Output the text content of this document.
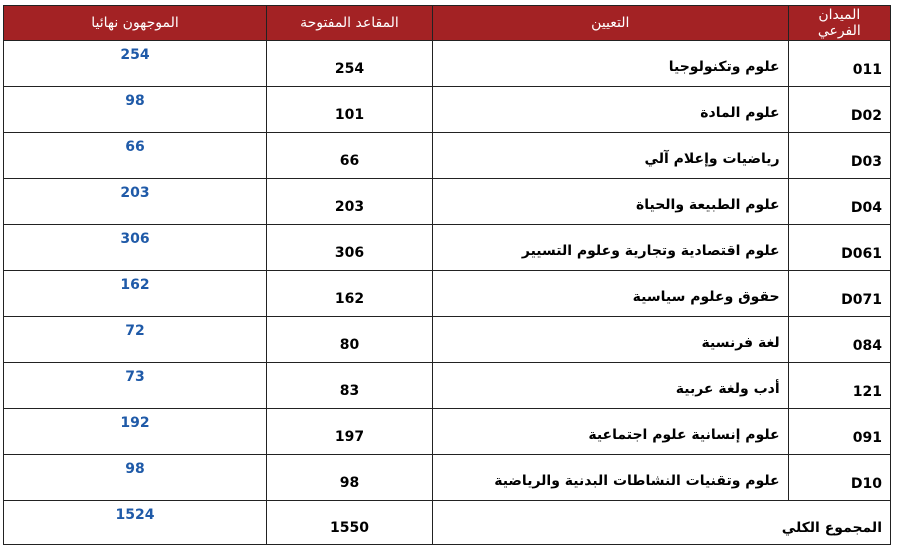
الميدان الفرعي	التعيين	المقاعد المفتوحة	الموجهون نهائيا
011	علوم وتكنولوجيا	254	254
D02	علوم المادة	101	98
D03	رياضيات وإعلام آلي	66	66
D04	علوم الطبيعة والحياة	203	203
D061	علوم اقتصادية وتجارية وعلوم التسيير	306	306
D071	حقوق وعلوم سياسية	162	162
084	لغة فرنسية	80	72
121	أدب ولغة عربية	83	73
091	علوم إنسانية علوم اجتماعية	197	192
D10	علوم وتقنيات النشاطات البدنية والرياضية	98	98
المجموع الكلي		1550	1524
